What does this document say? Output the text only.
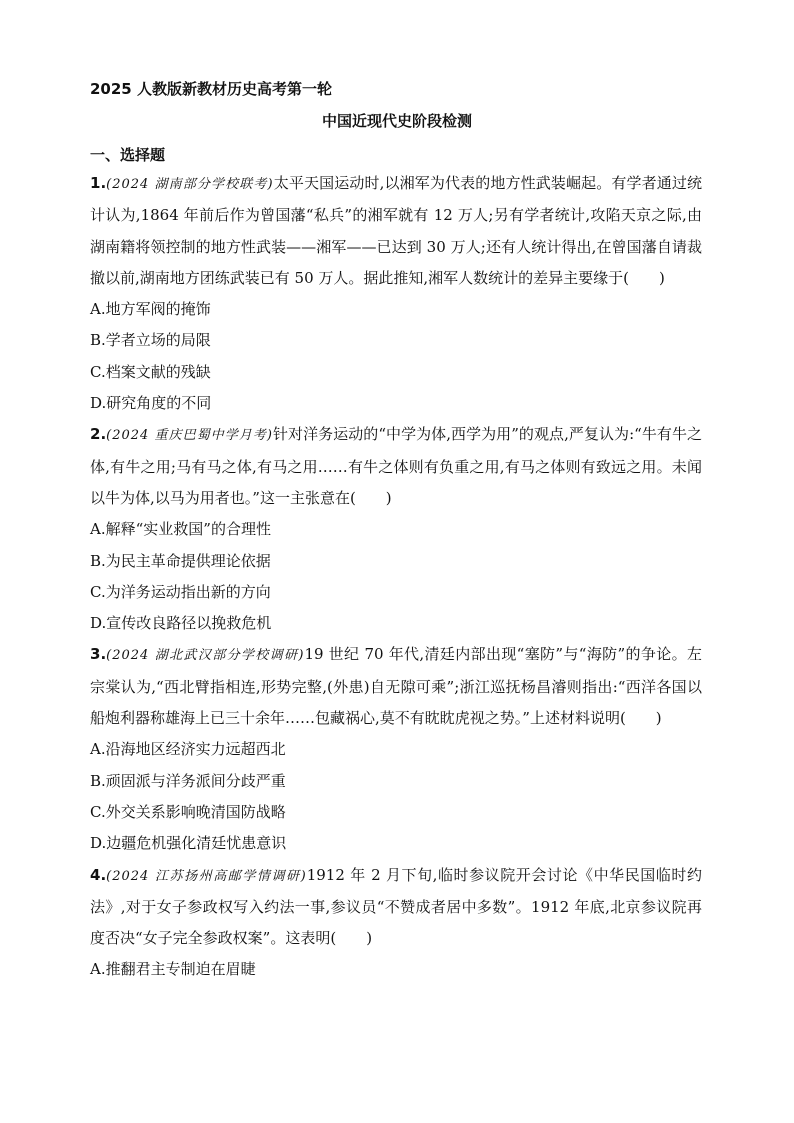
2025 人教版新教材历史高考第一轮
中国近现代史阶段检测
一、选择题
1.(2024 湖南部分学校联考)太平天国运动时,以湘军为代表的地方性武装崛起。有学者通过统计认为,1864 年前后作为曾国藩“私兵”的湘军就有 12 万人;另有学者统计,攻陷天京之际,由湖南籍将领控制的地方性武装——湘军——已达到 30 万人;还有人统计得出,在曾国藩自请裁撤以前,湖南地方团练武装已有 50 万人。据此推知,湘军人数统计的差异主要缘于(　　)
A.地方军阀的掩饰
B.学者立场的局限
C.档案文献的残缺
D.研究角度的不同
2.(2024 重庆巴蜀中学月考)针对洋务运动的“中学为体,西学为用”的观点,严复认为:“牛有牛之体,有牛之用;马有马之体,有马之用……有牛之体则有负重之用,有马之体则有致远之用。未闻以牛为体,以马为用者也。”这一主张意在(　　)
A.解释“实业救国”的合理性
B.为民主革命提供理论依据
C.为洋务运动指出新的方向
D.宣传改良路径以挽救危机
3.(2024 湖北武汉部分学校调研)19 世纪 70 年代,清廷内部出现“塞防”与“海防”的争论。左宗棠认为,“西北臂指相连,形势完整,(外患)自无隙可乘”;浙江巡抚杨昌濬则指出:“西洋各国以船炮利器称雄海上已三十余年……包藏祸心,莫不有眈眈虎视之势。”上述材料说明(　　)
A.沿海地区经济实力远超西北
B.顽固派与洋务派间分歧严重
C.外交关系影响晚清国防战略
D.边疆危机强化清廷忧患意识
4.(2024 江苏扬州高邮学情调研)1912 年 2 月下旬,临时参议院开会讨论《中华民国临时约法》,对于女子参政权写入约法一事,参议员“不赞成者居中多数”。1912 年底,北京参议院再度否决“女子完全参政权案”。这表明(　　)
A.推翻君主专制迫在眉睫
